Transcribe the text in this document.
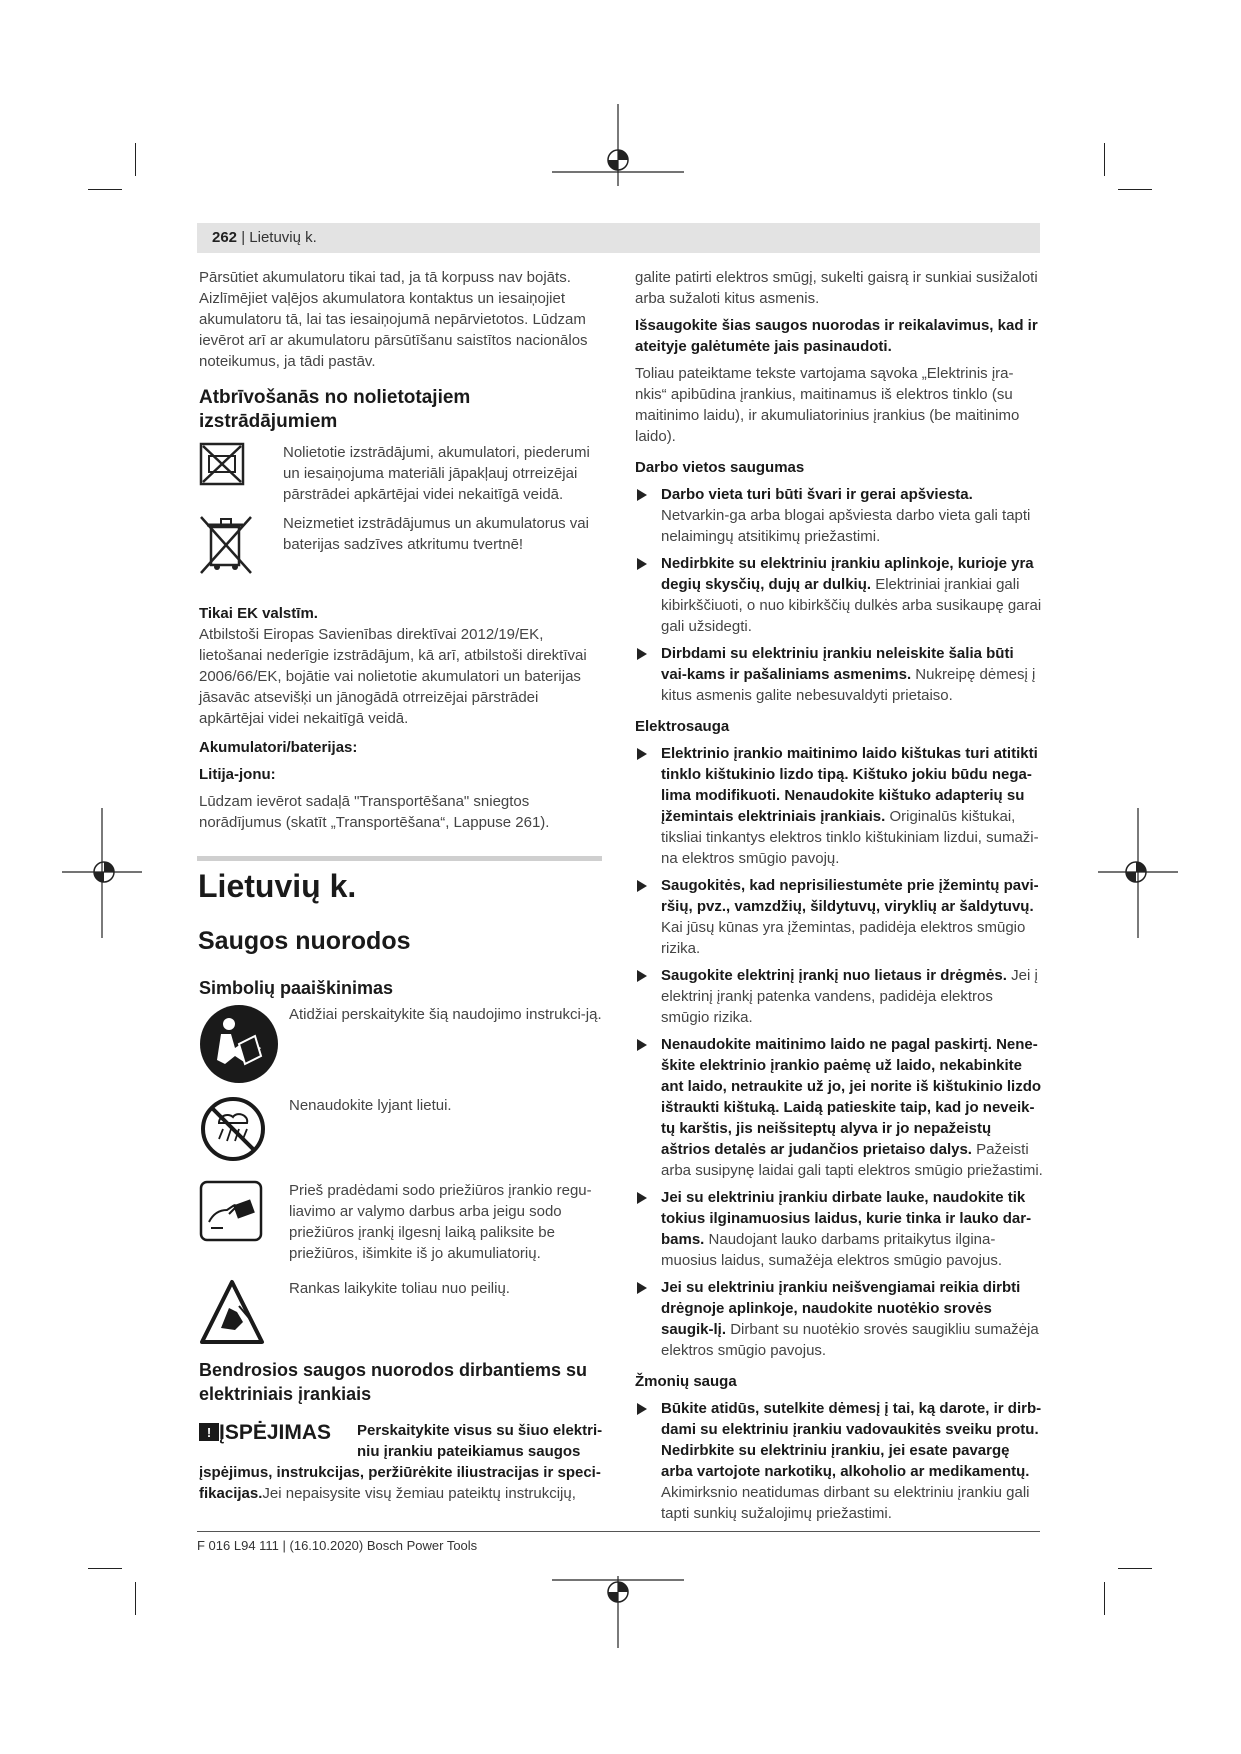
262 | Lietuvių k.

Pārsūtiet akumulatoru tikai tad, ja tā korpuss nav bojāts. Aizlīmējiet vaļējos akumulatora kontaktus un iesaiņojiet akumulatoru tā, lai tas iesaiņojumā nepārvietotos. Lūdzam ievērot arī ar akumulatoru pārsūtīšanu saistītos nacionālos noteikumus, ja tādi pastāv.

Atbrīvošanās no nolietotajiem izstrādājumiem
Nolietotie izstrādājumi, akumulatori, piederumi un iesaiņojuma materiāli jāpakļauj otrreizējai pārstrādei apkārtējai videi nekaitīgā veidā.
Neizmetiet izstrādājumus un akumulatorus vai baterijas sadzīves atkritumu tvertnē!
Tikai EK valstīm.

Atbilstoši Eiropas Savienības direktīvai 2012/19/EK, lietošanai nederīgie izstrādājum, kā arī, atbilstoši direktīvai 2006/66/EK, bojātie vai nolietotie akumulatori un baterijas jāsavāc atsevišķi un jānogādā otrreizējai pārstrādei apkārtējai videi nekaitīgā veidā.

Akumulatori/baterijas:
Litija-jonu:

Lūdzam ievērot sadaļā "Transportēšana" sniegtos norādījumus (skatīt „Transportēšana“, Lappuse 261).

Lietuvių k.
Saugos nuorodos
Simbolių paaiškinimas
Atidžiai perskaitykite šią naudojimo instrukci-ją.
Nenaudokite lyjant lietui.
Prieš pradėdami sodo priežiūros įrankio regu-liavimo ar valymo darbus arba jeigu sodo priežiūros įrankį ilgesnį laiką paliksite be priežiūros, išimkite iš jo akumuliatorių.
Rankas laikykite toliau nuo peilių.
Bendrosios saugos nuorodos dirbantiems su elektriniais įrankiais
! ĮSPĖJIMAS	Perskaitykite visus su šiuo elektri-niu įrankiu pateikiamus saugos įspėjimus, instrukcijas, peržiūrėkite iliustracijas ir speci-fikacijas.Jei nepaisysite visų žemiau pateiktų instrukcijų,

galite patirti elektros smūgį, sukelti gaisrą ir sunkiai susižaloti arba sužaloti kitus asmenis.

Išsaugokite šias saugos nuorodas ir reikalavimus, kad ir ateityje galėtumėte jais pasinaudoti.

Toliau pateiktame tekste vartojama sąvoka „Elektrinis įra-nkis“ apibūdina įrankius, maitinamus iš elektros tinklo (su maitinimo laidu), ir akumuliatorinius įrankius (be maitinimo laido).

Darbo vietos saugumas
Darbo vieta turi būti švari ir gerai apšviesta. Netvarkin-ga arba blogai apšviesta darbo vieta gali tapti nelaimingų atsitikimų priežastimi.
Nedirbkite su elektriniu įrankiu aplinkoje, kurioje yra degių skysčių, dujų ar dulkių. Elektriniai įrankiai gali kibirkščiuoti, o nuo kibirkščių dulkės arba susikaupę garai gali užsidegti.
Dirbdami su elektriniu įrankiu neleiskite šalia būti vai-kams ir pašaliniams asmenims. Nukreipę dėmesį į kitus asmenis galite nebesuvaldyti prietaiso.
Elektrosauga
Elektrinio įrankio maitinimo laido kištukas turi atitikti tinklo kištukinio lizdo tipą. Kištuko jokiu būdu nega-lima modifikuoti. Nenaudokite kištuko adapterių su įžemintais elektriniais įrankiais. Originalūs kištukai, tiksliai tinkantys elektros tinklo kištukiniam lizdui, sumaži-na elektros smūgio pavojų.
Saugokitės, kad neprisiliestumėte prie įžemintų pavi-ršių, pvz., vamzdžių, šildytuvų, viryklių ar šaldytuvų. Kai jūsų kūnas yra įžemintas, padidėja elektros smūgio rizika.
Saugokite elektrinį įrankį nuo lietaus ir drėgmės. Jei į elektrinį įrankį patenka vandens, padidėja elektros smūgio rizika.
Nenaudokite maitinimo laido ne pagal paskirtį. Nene-škite elektrinio įrankio paėmę už laido, nekabinkite ant laido, netraukite už jo, jei norite iš kištukinio lizdo ištraukti kištuką. Laidą patieskite taip, kad jo neveik-tų karštis, jis neišsiteptų alyva ir jo nepažeistų aštrios detalės ar judančios prietaiso dalys. Pažeisti arba susipynę laidai gali tapti elektros smūgio priežastimi.
Jei su elektriniu įrankiu dirbate lauke, naudokite tik tokius ilginamuosius laidus, kurie tinka ir lauko dar-bams. Naudojant lauko darbams pritaikytus ilgina-muosius laidus, sumažėja elektros smūgio pavojus.
Jei su elektriniu įrankiu neišvengiamai reikia dirbti drėgnoje aplinkoje, naudokite nuotėkio srovės saugik-lį. Dirbant su nuotėkio srovės saugikliu sumažėja elektros smūgio pavojus.
Žmonių sauga
Būkite atidūs, sutelkite dėmesį į tai, ką darote, ir dirb-dami su elektriniu įrankiu vadovaukitės sveiku protu. Nedirbkite su elektriniu įrankiu, jei esate pavargę arba vartojote narkotikų, alkoholio ar medikamentų. Akimirksnio neatidumas dirbant su elektriniu įrankiu gali tapti sunkių sužalojimų priežastimi.
F 016 L94 111 | (16.10.2020) Bosch Power Tools
